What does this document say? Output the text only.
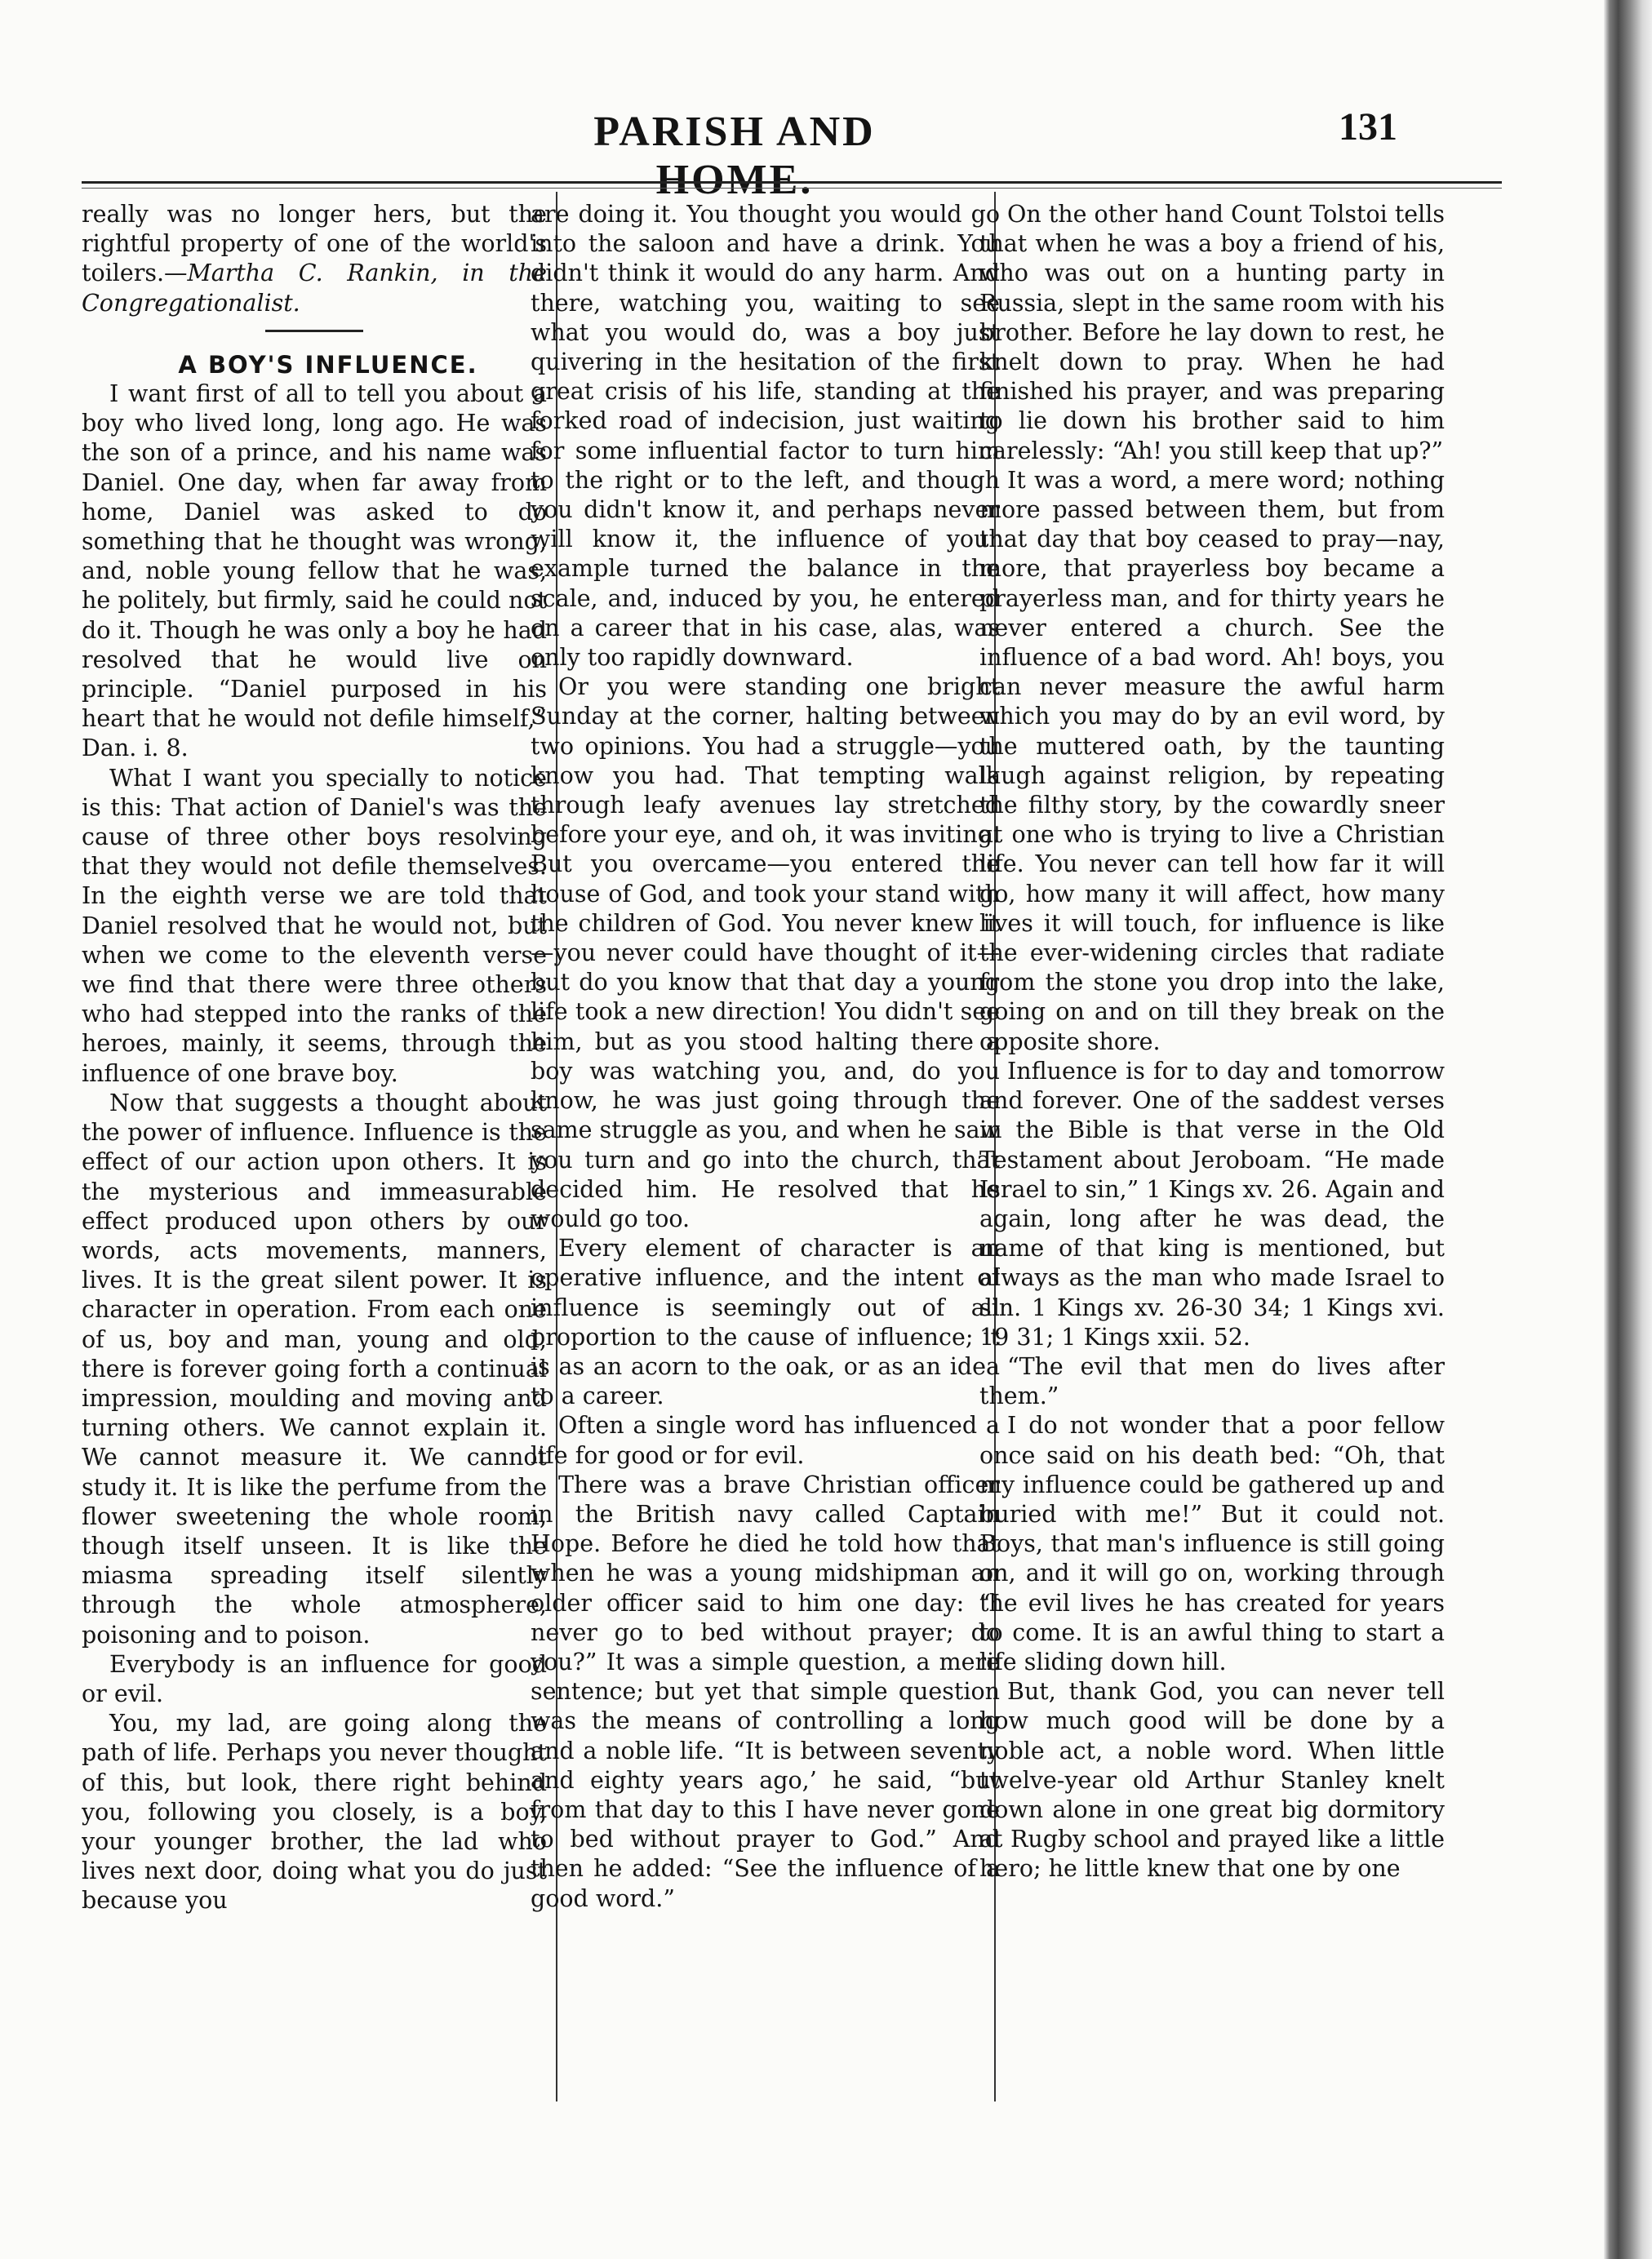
PARISH AND HOME.
131

really was no longer hers, but the rightful property of one of the world's toilers.—Martha C. Rankin, in the Congregationalist.

A BOY'S INFLUENCE.

I want first of all to tell you about a boy who lived long, long ago. He was the son of a prince, and his name was Daniel. One day, when far away from home, Daniel was asked to do something that he thought was wrong, and, noble young fellow that he was, he politely, but firmly, said he could not do it. Though he was only a boy he had resolved that he would live on principle. “Daniel purposed in his heart that he would not defile himself,” Dan. i. 8.

What I want you specially to notice is this: That action of Daniel's was the cause of three other boys resolving that they would not defile themselves. In the eighth verse we are told that Daniel resolved that he would not, but when we come to the eleventh verse we find that there were three others who had stepped into the ranks of the heroes, mainly, it seems, through the influence of one brave boy.

Now that suggests a thought about the power of influence. Influence is the effect of our action upon others. It is the mysterious and immeasurable effect produced upon others by our words, acts movements, manners, lives. It is the great silent power. It is character in operation. From each one of us, boy and man, young and old, there is forever going forth a continual impression, moulding and moving and turning others. We cannot explain it. We cannot measure it. We cannot study it. It is like the perfume from the flower sweetening the whole room, though itself unseen. It is like the miasma spreading itself silently through the whole atmosphere, poisoning and to poison.

Everybody is an influence for good or evil.

You, my lad, are going along the path of life. Perhaps you never thought of this, but look, there right behind you, following you closely, is a boy, your younger brother, the lad who lives next door, doing what you do just because you

are doing it. You thought you would go into the saloon and have a drink. You didn't think it would do any harm. And there, watching you, waiting to see what you would do, was a boy just quivering in the hesitation of the first great crisis of his life, standing at the forked road of indecision, just waiting for some influential factor to turn him to the right or to the left, and though you didn't know it, and perhaps never will know it, the influence of your example turned the balance in the scale, and, induced by you, he entered on a career that in his case, alas, was only too rapidly downward.

Or you were standing one bright Sunday at the corner, halting between two opinions. You had a struggle—you know you had. That tempting walk through leafy avenues lay stretched before your eye, and oh, it was inviting. But you overcame—you entered the house of God, and took your stand with the children of God. You never knew it—you never could have thought of it—but do you know that that day a young life took a new direction! You didn't see him, but as you stood halting there a boy was watching you, and, do you know, he was just going through the same struggle as you, and when he saw you turn and go into the church, that decided him. He resolved that he would go too.

Every element of character is an operative influence, and the intent of influence is seemingly out of all proportion to the cause of influence; it is as an acorn to the oak, or as an idea to a career.

Often a single word has influenced a life for good or for evil.

There was a brave Christian officer in the British navy called Captain Hope. Before he died he told how that when he was a young midshipman an older officer said to him one day: “I never go to bed without prayer; do you?” It was a simple question, a mere sentence; but yet that simple question was the means of controlling a long and a noble life. “It is between seventy and eighty years ago,’ he said, “but from that day to this I have never gone to bed without prayer to God.” And then he added: “See the influence of a good word.”

On the other hand Count Tolstoi tells that when he was a boy a friend of his, who was out on a hunting party in Russia, slept in the same room with his brother. Before he lay down to rest, he knelt down to pray. When he had finished his prayer, and was preparing to lie down his brother said to him carelessly: “Ah! you still keep that up?”

It was a word, a mere word; nothing more passed between them, but from that day that boy ceased to pray—nay, more, that prayerless boy became a prayerless man, and for thirty years he never entered a church. See the influence of a bad word. Ah! boys, you can never measure the awful harm which you may do by an evil word, by the muttered oath, by the taunting laugh against religion, by repeating the filthy story, by the cowardly sneer at one who is trying to live a Christian life. You never can tell how far it will go, how many it will affect, how many lives it will touch, for influence is like the ever-widening circles that radiate from the stone you drop into the lake, going on and on till they break on the opposite shore.

Influence is for to day and tomorrow and forever. One of the saddest verses in the Bible is that verse in the Old Testament about Jeroboam. “He made Israel to sin,” 1 Kings xv. 26. Again and again, long after he was dead, the name of that king is mentioned, but always as the man who made Israel to sin. 1 Kings xv. 26-30 34; 1 Kings xvi. 19 31; 1 Kings xxii. 52.

“The evil that men do lives after them.”

I do not wonder that a poor fellow once said on his death bed: “Oh, that my influence could be gathered up and buried with me!” But it could not. Boys, that man's influence is still going on, and it will go on, working through the evil lives he has created for years to come. It is an awful thing to start a life sliding down hill.

But, thank God, you can never tell how much good will be done by a noble act, a noble word. When little twelve-year old Arthur Stanley knelt down alone in one great big dormitory at Rugby school and prayed like a little hero; he little knew that one by one
